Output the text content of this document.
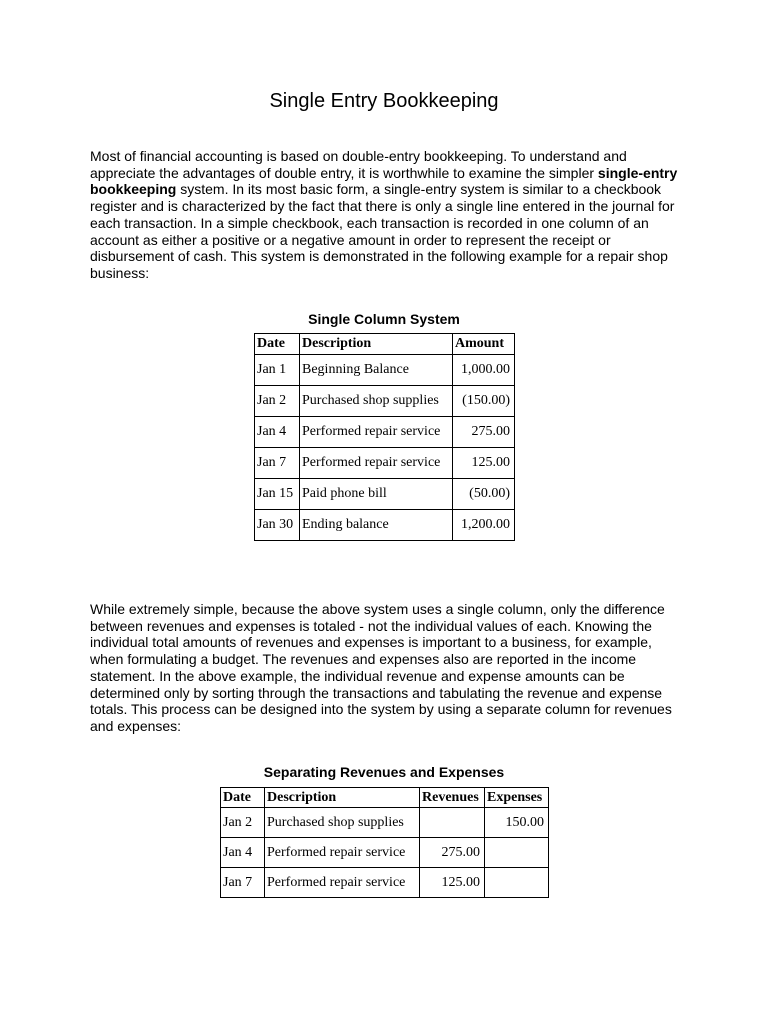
Single Entry Bookkeeping

Most of financial accounting is based on double-entry bookkeeping. To understand and appreciate the advantages of double entry, it is worthwhile to examine the simpler single-entry bookkeeping system. In its most basic form, a single-entry system is similar to a checkbook register and is characterized by the fact that there is only a single line entered in the journal for each transaction. In a simple checkbook, each transaction is recorded in one column of an account as either a positive or a negative amount in order to represent the receipt or disbursement of cash. This system is demonstrated in the following example for a repair shop business:

Single Column System

Date	Description	Amount
Jan 1	Beginning Balance	1,000.00
Jan 2	Purchased shop supplies	(150.00)
Jan 4	Performed repair service	275.00
Jan 7	Performed repair service	125.00
Jan 15	Paid phone bill	(50.00)
Jan 30	Ending balance	1,200.00

While extremely simple, because the above system uses a single column, only the difference between revenues and expenses is totaled - not the individual values of each. Knowing the individual total amounts of revenues and expenses is important to a business, for example, when formulating a budget. The revenues and expenses also are reported in the income statement. In the above example, the individual revenue and expense amounts can be determined only by sorting through the transactions and tabulating the revenue and expense totals. This process can be designed into the system by using a separate column for revenues and expenses:

Separating Revenues and Expenses

Date	Description	Revenues	Expenses
Jan 2	Purchased shop supplies		150.00
Jan 4	Performed repair service	275.00	
Jan 7	Performed repair service	125.00	
